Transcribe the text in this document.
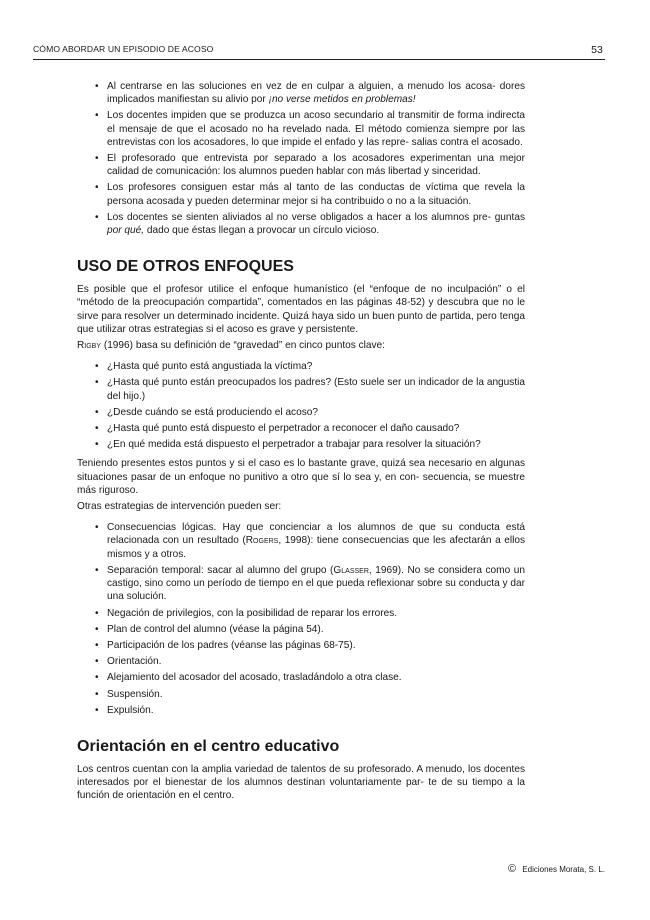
CÓMO ABORDAR UN EPISODIO DE ACOSO	53
• Al centrarse en las soluciones en vez de en culpar a alguien, a menudo los acosa- dores implicados manifiestan su alivio por ¡no verse metidos en problemas!
• Los docentes impiden que se produzca un acoso secundario al transmitir de forma indirecta el mensaje de que el acosado no ha revelado nada. El método comienza siempre por las entrevistas con los acosadores, lo que impide el enfado y las repre- salias contra el acosado.
• El profesorado que entrevista por separado a los acosadores experimentan una mejor calidad de comunicación: los alumnos pueden hablar con más libertad y sinceridad.
• Los profesores consiguen estar más al tanto de las conductas de víctima que revela la persona acosada y pueden determinar mejor si ha contribuido o no a la situación.
• Los docentes se sienten aliviados al no verse obligados a hacer a los alumnos pre- guntas por qué, dado que éstas llegan a provocar un círculo vicioso.
USO DE OTROS ENFOQUES

Es posible que el profesor utilice el enfoque humanístico (el “enfoque de no inculpación” o el “método de la preocupación compartida”, comentados en las páginas 48-52) y descubra que no le sirve para resolver un determinado incidente. Quizá haya sido un buen punto de partida, pero tenga que utilizar otras estrategias si el acoso es grave y persistente.

Rigby (1996) basa su definición de “gravedad” en cinco puntos clave:

• ¿Hasta qué punto está angustiada la víctima?
• ¿Hasta qué punto están preocupados los padres? (Esto suele ser un indicador de la angustia del hijo.)
• ¿Desde cuándo se está produciendo el acoso?
• ¿Hasta qué punto está dispuesto el perpetrador a reconocer el daño causado?
• ¿En qué medida está dispuesto el perpetrador a trabajar para resolver la situación?

Teniendo presentes estos puntos y si el caso es lo bastante grave, quizá sea necesario en algunas situaciones pasar de un enfoque no punitivo a otro que sí lo sea y, en con- secuencia, se muestre más riguroso.

Otras estrategias de intervención pueden ser:

• Consecuencias lógicas. Hay que concienciar a los alumnos de que su conducta está relacionada con un resultado (Rogers, 1998): tiene consecuencias que les afectarán a ellos mismos y a otros.
• Separación temporal: sacar al alumno del grupo (Glasser, 1969). No se considera como un castigo, sino como un período de tiempo en el que pueda reflexionar sobre su conducta y dar una solución.
• Negación de privilegios, con la posibilidad de reparar los errores.
• Plan de control del alumno (véase la página 54).
• Participación de los padres (véanse las páginas 68-75).
• Orientación.
• Alejamiento del acosador del acosado, trasladándolo a otra clase.
• Suspensión.
• Expulsión.
Orientación en el centro educativo

Los centros cuentan con la amplia variedad de talentos de su profesorado. A menudo, los docentes interesados por el bienestar de los alumnos destinan voluntariamente par- te de su tiempo a la función de orientación en el centro.

© Ediciones Morata, S. L.
